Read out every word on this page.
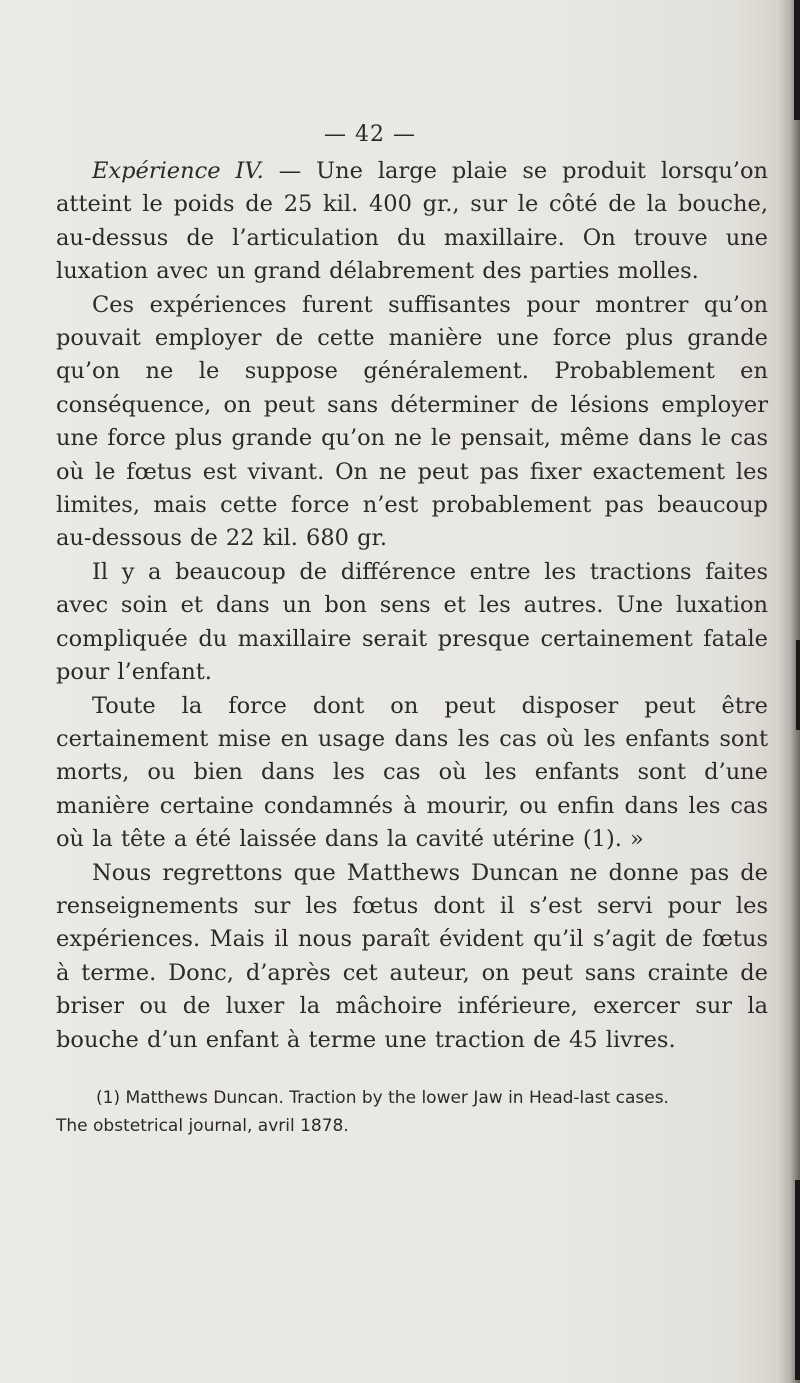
— 42 —

Expérience IV. — Une large plaie se produit lorsqu’on atteint le poids de 25 kil. 400 gr., sur le côté de la bouche, au-dessus de l’articulation du maxillaire. On trouve une luxation avec un grand délabrement des parties molles.

Ces expériences furent suffisantes pour montrer qu’on pouvait employer de cette manière une force plus grande qu’on ne le suppose généralement. Probablement en conséquence, on peut sans déterminer de lésions employer une force plus grande qu’on ne le pensait, même dans le cas où le fœtus est vivant. On ne peut pas fixer exactement les limites, mais cette force n’est probablement pas beaucoup au-dessous de 22 kil. 680 gr.

Il y a beaucoup de différence entre les tractions faites avec soin et dans un bon sens et les autres. Une luxation compliquée du maxillaire serait presque certainement fatale pour l’enfant.

Toute la force dont on peut disposer peut être certainement mise en usage dans les cas où les enfants sont morts, ou bien dans les cas où les enfants sont d’une manière certaine condamnés à mourir, ou enfin dans les cas où la tête a été laissée dans la cavité utérine (1). »

Nous regrettons que Matthews Duncan ne donne pas de renseignements sur les fœtus dont il s’est servi pour les expériences. Mais il nous paraît évident qu’il s’agit de fœtus à terme. Donc, d’après cet auteur, on peut sans crainte de briser ou de luxer la mâchoire inférieure, exercer sur la bouche d’un enfant à terme une traction de 45 livres.

(1) Matthews Duncan. Traction by the lower Jaw in Head-last cases.

The obstetrical journal, avril 1878.
